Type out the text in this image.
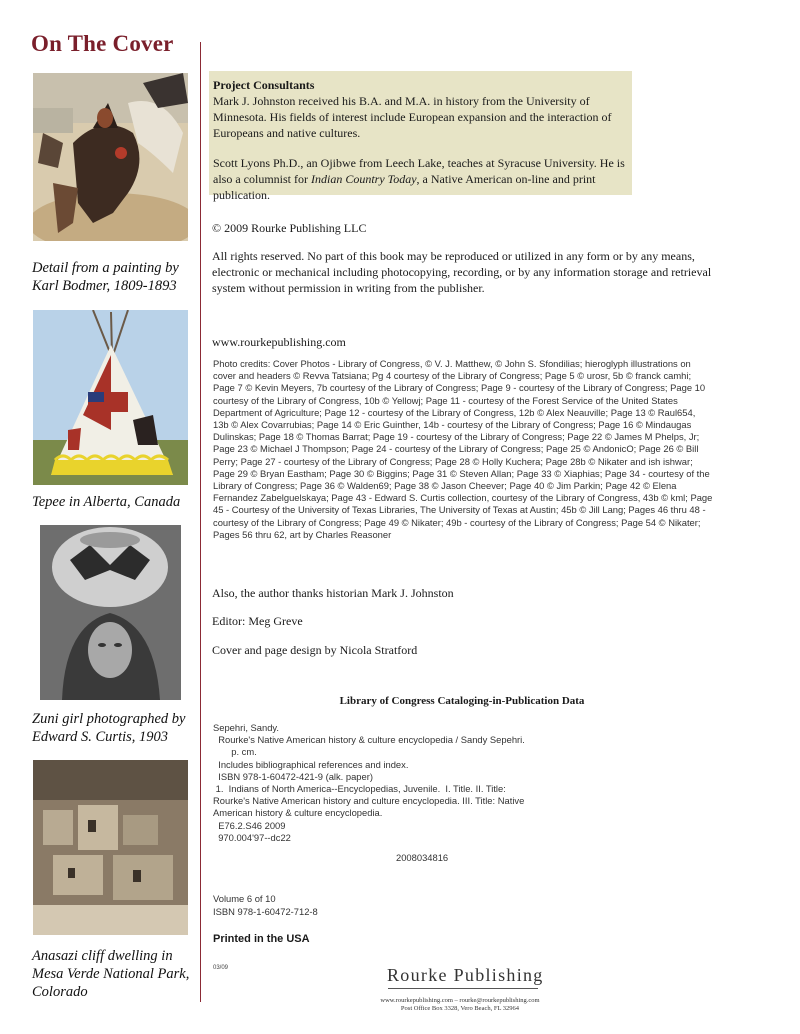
On The Cover
Detail from a painting by Karl Bodmer, 1809-1893
Tepee in Alberta, Canada
Zuni girl photographed by Edward S. Curtis, 1903
Anasazi cliff dwelling in Mesa Verde National Park, Colorado

Project Consultants

Mark J. Johnston received his B.A. and M.A. in history from the University of Minnesota. His fields of interest include European expansion and the interaction of Europeans and native cultures.

Scott Lyons Ph.D., an Ojibwe from Leech Lake, teaches at Syracuse University. He is also a columnist for Indian Country Today, a Native American on-line and print publication.

© 2009 Rourke Publishing LLC
All rights reserved. No part of this book may be reproduced or utilized in any form or by any means, electronic or mechanical including photocopying, recording, or by any information storage and retrieval system without permission in writing from the publisher.
www.rourkepublishing.com
Photo credits: Cover Photos - Library of Congress, © V. J. Matthew, © John S. Sfondilias; hieroglyph illustrations on cover and headers © Revva Tatsiana; Pg 4 courtesy of the Library of Congress; Page 5 © urosr, 5b © franck camhi; Page 7 © Kevin Meyers, 7b courtesy of the Library of Congress; Page 9 - courtesy of the Library of Congress; Page 10 courtesy of the Library of Congress, 10b © Yellowj; Page 11 - courtesy of the Forest Service of the United States Department of Agriculture; Page 12 - courtesy of the Library of Congress, 12b © Alex Neauville; Page 13 © Raul654, 13b © Alex Covarrubias; Page 14 © Eric Guinther, 14b - courtesy of the Library of Congress; Page 16 © Mindaugas Dulinskas; Page 18 © Thomas Barrat; Page 19 - courtesy of the Library of Congress; Page 22 © James M Phelps, Jr; Page 23 © Michael J Thompson; Page 24 - courtesy of the Library of Congress; Page 25 © AndonicO; Page 26 © Bill Perry; Page 27 - courtesy of the Library of Congress; Page 28 © Holly Kuchera; Page 28b © Nikater and ish ishwar; Page 29 © Bryan Eastham; Page 30 © Biggins; Page 31 © Steven Allan; Page 33 © Xiaphias; Page 34 - courtesy of the Library of Congress; Page 36 © Walden69; Page 38 © Jason Cheever; Page 40 © Jim Parkin; Page 42 © Elena Fernandez Zabelguelskaya; Page 43 - Edward S. Curtis collection, courtesy of the Library of Congress, 43b © kml; Page 45 - Courtesy of the University of Texas Libraries, The University of Texas at Austin; 45b © Jill Lang; Pages 46 thru 48 - courtesy of the Library of Congress; Page 49 © Nikater; 49b - courtesy of the Library of Congress; Page 54 © Nikater; Pages 56 thru 62, art by Charles Reasoner
Also, the author thanks historian Mark J. Johnston
Editor: Meg Greve
Cover and page design by Nicola Stratford
Library of Congress Cataloging-in-Publication Data
Sepehri, Sandy.
Rourke's Native American history & culture encyclopedia / Sandy Sepehri.
p. cm.
Includes bibliographical references and index.
ISBN 978-1-60472-421-9 (alk. paper)
1.  Indians of North America--Encyclopedias, Juvenile.  I. Title. II. Title:
Rourke's Native American history and culture encyclopedia. III. Title: Native
American history & culture encyclopedia.
E76.2.S46 2009
970.004'97--dc22
2008034816
Volume 6 of 10
ISBN 978-1-60472-712-8
Printed in the USA
03/09	Rourke Publishing
www.rourkepublishing.com – rourke@rourkepublishing.com
Post Office Box 3328, Vero Beach, FL 32964
